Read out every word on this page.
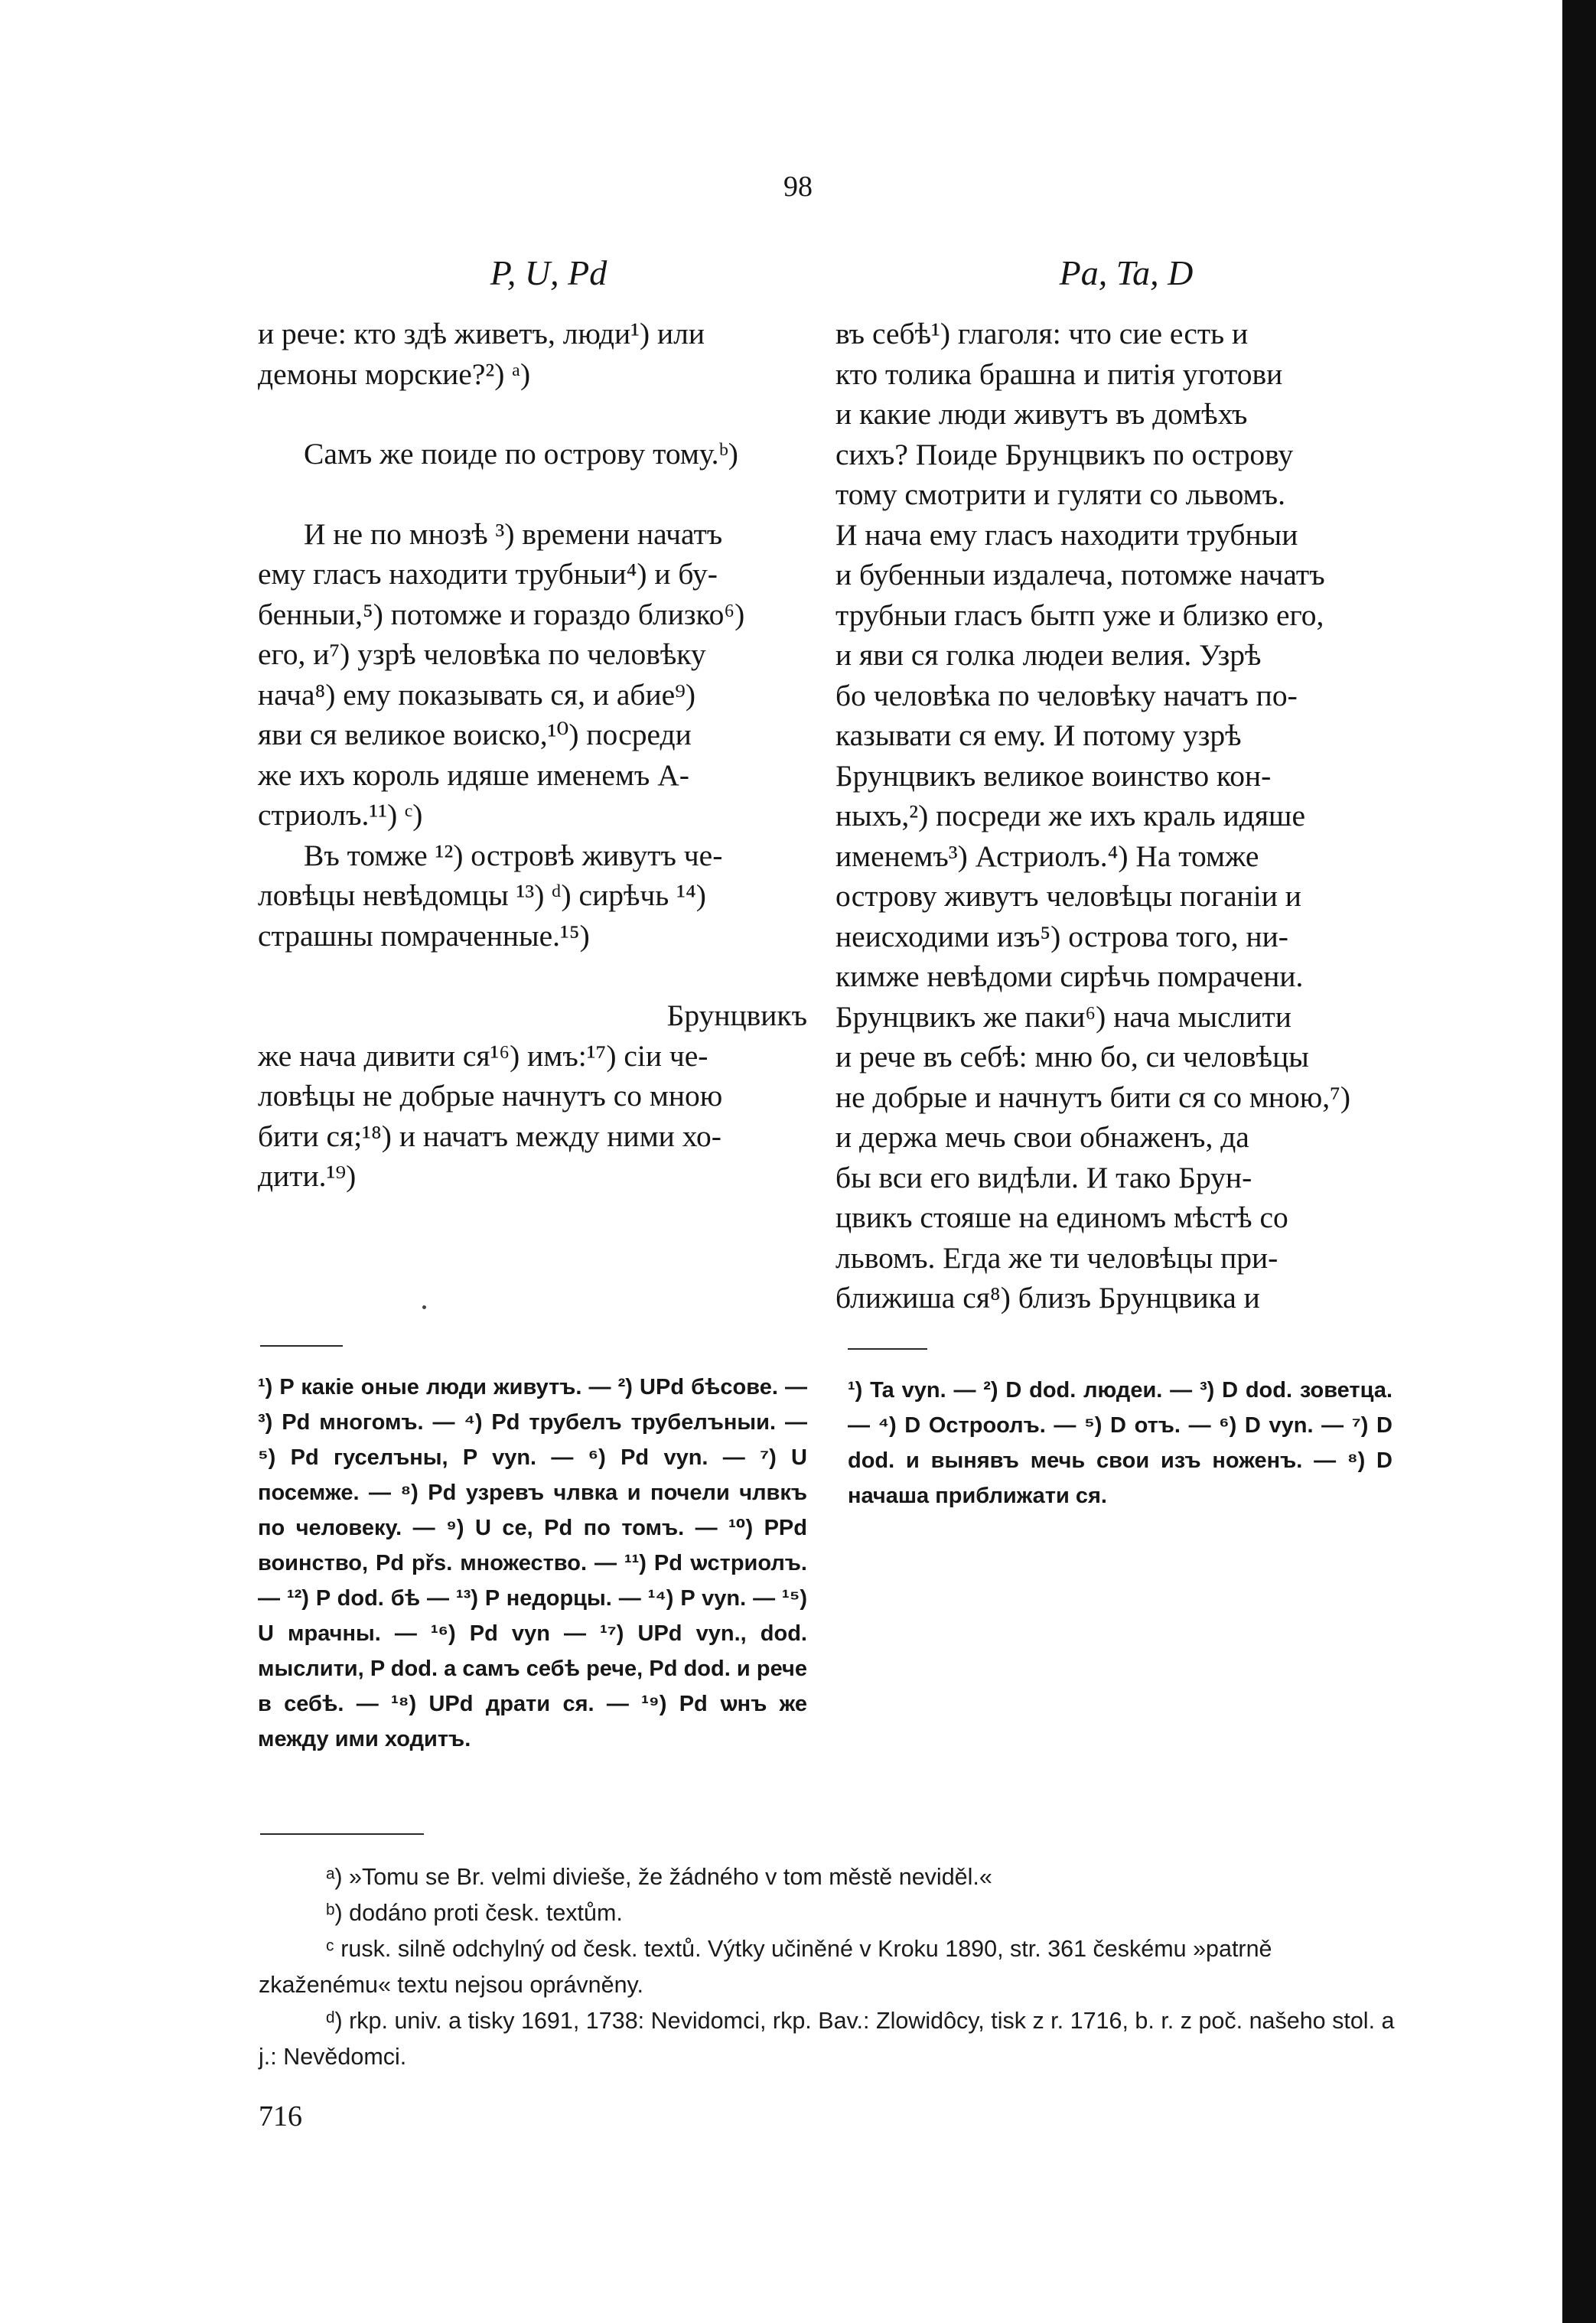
98
P, U, Pd	Pa, Ta, D

и рече: кто здѣ живетъ, люди¹) или

демоны морские?²) ᵃ)

Самъ же поиде по острову тому.ᵇ)

И не по мнозѣ ³) времени начатъ

ему гласъ находити трубныи⁴) и бу-

бенныи,⁵) потомже и гораздо близко⁶)

его, и⁷) узрѣ человѣка по человѣку

нача⁸) ему показывать ся, и абие⁹)

яви ся великое воиско,¹⁰) посреди

же ихъ король идяше именемъ А-

стриолъ.¹¹) ᶜ)

Въ томже ¹²) островѣ живутъ че-

ловѣцы невѣдомцы ¹³) ᵈ) сирѣчь ¹⁴)

страшны помраченные.¹⁵)

Брунцвикъ

же нача дивити ся¹⁶) имъ:¹⁷) сіи че-

ловѣцы не добрые начнутъ со мною

бити ся;¹⁸) и начатъ между ними хо-

дити.¹⁹)

въ себѣ¹) глаголя: что сие есть и

кто толика брашна и питія уготови

и какие люди живутъ въ домѣхъ

сихъ? Поиде Брунцвикъ по острову

тому смотрити и гуляти со львомъ.

И нача ему гласъ находити трубныи

и бубенныи издалеча, потомже начатъ

трубныи гласъ бытп уже и близко его,

и яви ся голка людеи велия. Узрѣ

бо человѣка по человѣку начатъ по-

казывати ся ему. И потому узрѣ

Брунцвикъ великое воинство кон-

ныхъ,²) посреди же ихъ краль идяше

именемъ³) Астриолъ.⁴) На томже

острову живутъ человѣцы поганіи и

неисходими изъ⁵) острова того, ни-

кимже невѣдоми сирѣчь помрачени.

Брунцвикъ же паки⁶) нача мыслити

и рече въ себѣ: мню бо, си человѣцы

не добрые и начнутъ бити ся со мною,⁷)

и держа мечь свои обнаженъ, да

бы вси его видѣли. И тако Брун-

цвикъ стояше на единомъ мѣстѣ со

львомъ. Егда же ти человѣцы при-

ближиша ся⁸) близъ Брунцвика и

¹) P какіе оные люди живутъ. — ²) UPd бѣсове. — ³) Pd многомъ. — ⁴) Pd трубелъ трубелъныи. — ⁵) Pd гуселъны, P vyn. — ⁶) Pd vyn. — ⁷) U посемже. — ⁸) Pd узревъ члвка и почели члвкъ по человеку. — ⁹) U се, Pd по томъ. — ¹⁰) PPd воинство, Pd přs. множество. — ¹¹) Pd ѡстриолъ. — ¹²) P dod. бѣ — ¹³) P недорцы. — ¹⁴) P vyn. — ¹⁵) U мрачны. — ¹⁶) Pd vyn — ¹⁷) UPd vyn., dod. мыслити, P dod. а самъ себѣ рече, Pd dod. и рече в себѣ. — ¹⁸) UPd драти ся. — ¹⁹) Pd ѡнъ же между ими ходитъ.

¹) Ta vyn. — ²) D dod. людеи. — ³) D dod. зоветца. — ⁴) D Остроолъ. — ⁵) D отъ. — ⁶) D vyn. — ⁷) D dod. и вынявъ мечь свои изъ ноженъ. — ⁸) D начаша приближати ся.

ᵃ) »Tomu se Br. velmi diviеše, že žádného v tom městě neviděl.«

ᵇ) dodáno proti česk. textům.

ᶜ rusk. silně odchylný od česk. textů. Výtky učiněné v Kroku 1890, str. 361 českému »patrně zkaženému« textu nejsou oprávněny.

ᵈ) rkp. univ. a tisky 1691, 1738: Nevidomci, rkp. Bav.: Zlowidôcy, tisk z r. 1716, b. r. z poč. našeho stol. a j.: Nevědomci.

716
